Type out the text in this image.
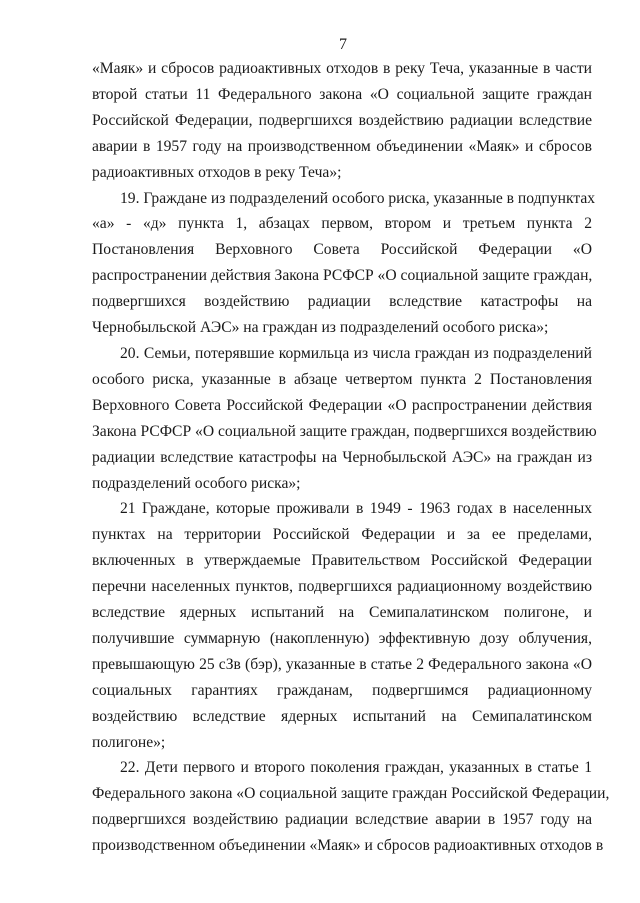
7
«Маяк» и сбросов радиоактивных отходов в реку Теча, указанные в части
второй статьи 11 Федерального закона «О социальной защите граждан
Российской Федерации, подвергшихся воздействию радиации вследствие
аварии в 1957 году на производственном объединении «Маяк» и сбросов
радиоактивных отходов в реку Теча»;
19. Граждане из подразделений особого риска, указанные в подпунктах
«а» - «д» пункта 1, абзацах первом, втором и третьем пункта 2
Постановления Верховного Совета Российской Федерации «О
распространении действия Закона РСФСР «О социальной защите граждан,
подвергшихся воздействию радиации вследствие катастрофы на
Чернобыльской АЭС» на граждан из подразделений особого риска»;
20. Семьи, потерявшие кормильца из числа граждан из подразделений
особого риска, указанные в абзаце четвертом пункта 2 Постановления
Верховного Совета Российской Федерации «О распространении действия
Закона РСФСР «О социальной защите граждан, подвергшихся воздействию
радиации вследствие катастрофы на Чернобыльской АЭС» на граждан из
подразделений особого риска»;
21 Граждане, которые проживали в 1949 - 1963 годах в населенных
пунктах на территории Российской Федерации и за ее пределами,
включенных в утверждаемые Правительством Российской Федерации
перечни населенных пунктов, подвергшихся радиационному воздействию
вследствие ядерных испытаний на Семипалатинском полигоне, и
получившие суммарную (накопленную) эффективную дозу облучения,
превышающую 25 сЗв (бэр), указанные в статье 2 Федерального закона «О
социальных гарантиях гражданам, подвергшимся радиационному
воздействию вследствие ядерных испытаний на Семипалатинском
полигоне»;
22. Дети первого и второго поколения граждан, указанных в статье 1
Федерального закона «О социальной защите граждан Российской Федерации,
подвергшихся воздействию радиации вследствие аварии в 1957 году на
производственном объединении «Маяк» и сбросов радиоактивных отходов в
